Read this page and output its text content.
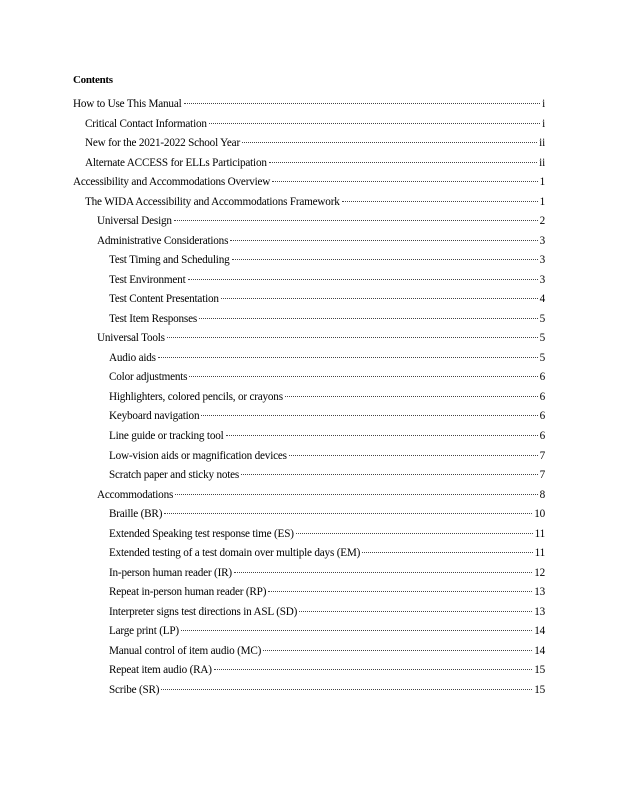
Contents
How to Use This Manual	i
Critical Contact Information	i
New for the 2021-2022 School Year	ii
Alternate ACCESS for ELLs Participation	ii
Accessibility and Accommodations Overview	1
The WIDA Accessibility and Accommodations Framework	1
Universal Design	2
Administrative Considerations	3
Test Timing and Scheduling	3
Test Environment	3
Test Content Presentation	4
Test Item Responses	5
Universal Tools	5
Audio aids	5
Color adjustments	6
Highlighters, colored pencils, or crayons	6
Keyboard navigation	6
Line guide or tracking tool	6
Low-vision aids or magnification devices	7
Scratch paper and sticky notes	7
Accommodations	8
Braille (BR)	10
Extended Speaking test response time (ES)	11
Extended testing of a test domain over multiple days (EM)	11
In-person human reader (IR)	12
Repeat in-person human reader (RP)	13
Interpreter signs test directions in ASL (SD)	13
Large print (LP)	14
Manual control of item audio (MC)	14
Repeat item audio (RA)	15
Scribe (SR)	15
